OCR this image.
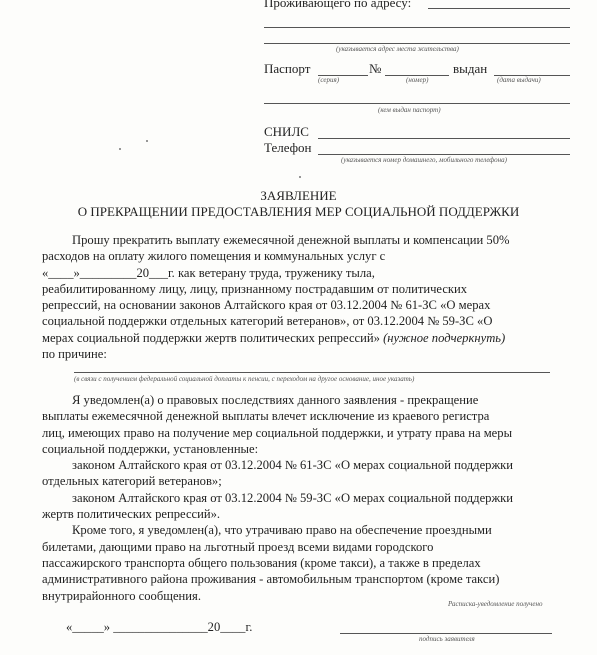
Проживающего по адресу:
(указывается адрес места жительства)
Паспорт	№	выдан
(серия)	(номер)	(дата выдачи)
(кем выдан паспорт)
СНИЛС
Телефон
(указывается номер домашнего, мобильного телефона)
ЗАЯВЛЕНИЕ
О ПРЕКРАЩЕНИИ ПРЕДОСТАВЛЕНИЯ МЕР СОЦИАЛЬНОЙ ПОДДЕРЖКИ
Прошу прекратить выплату ежемесячной денежной выплаты и компенсации 50%
расходов на оплату жилого помещения и коммунальных услуг с
«____»_________20___г. как ветерану труда, труженику тыла,
реабилитированному лицу, лицу, признанному пострадавшим от политических
репрессий, на основании законов Алтайского края от 03.12.2004 № 61-ЗС «О мерах
социальной поддержки отдельных категорий ветеранов», от 03.12.2004 № 59-ЗС «О
мерах социальной поддержки жертв политических репрессий» (нужное подчеркнуть)
по причине:
(в связи с получением федеральной социальной доплаты к пенсии, с переходом на другое основание, иное указать)
Я уведомлен(а) о правовых последствиях данного заявления - прекращение
выплаты ежемесячной денежной выплаты влечет исключение из краевого регистра
лиц, имеющих право на получение мер социальной поддержки, и утрату права на меры
социальной поддержки, установленные:
законом Алтайского края от 03.12.2004 № 61-ЗС «О мерах социальной поддержки
отдельных категорий ветеранов»;
законом Алтайского края от 03.12.2004 № 59-ЗС «О мерах социальной поддержки
жертв политических репрессий».
Кроме того, я уведомлен(а), что утрачиваю право на обеспечение проездными
билетами, дающими право на льготный проезд всеми видами городского
пассажирского транспорта общего пользования (кроме такси), а также в пределах
административного района проживания - автомобильным транспортом (кроме такси)
внутрирайонного сообщения.
Расписка-уведомление получено
«_____» _______________20____г.
подпись заявителя
